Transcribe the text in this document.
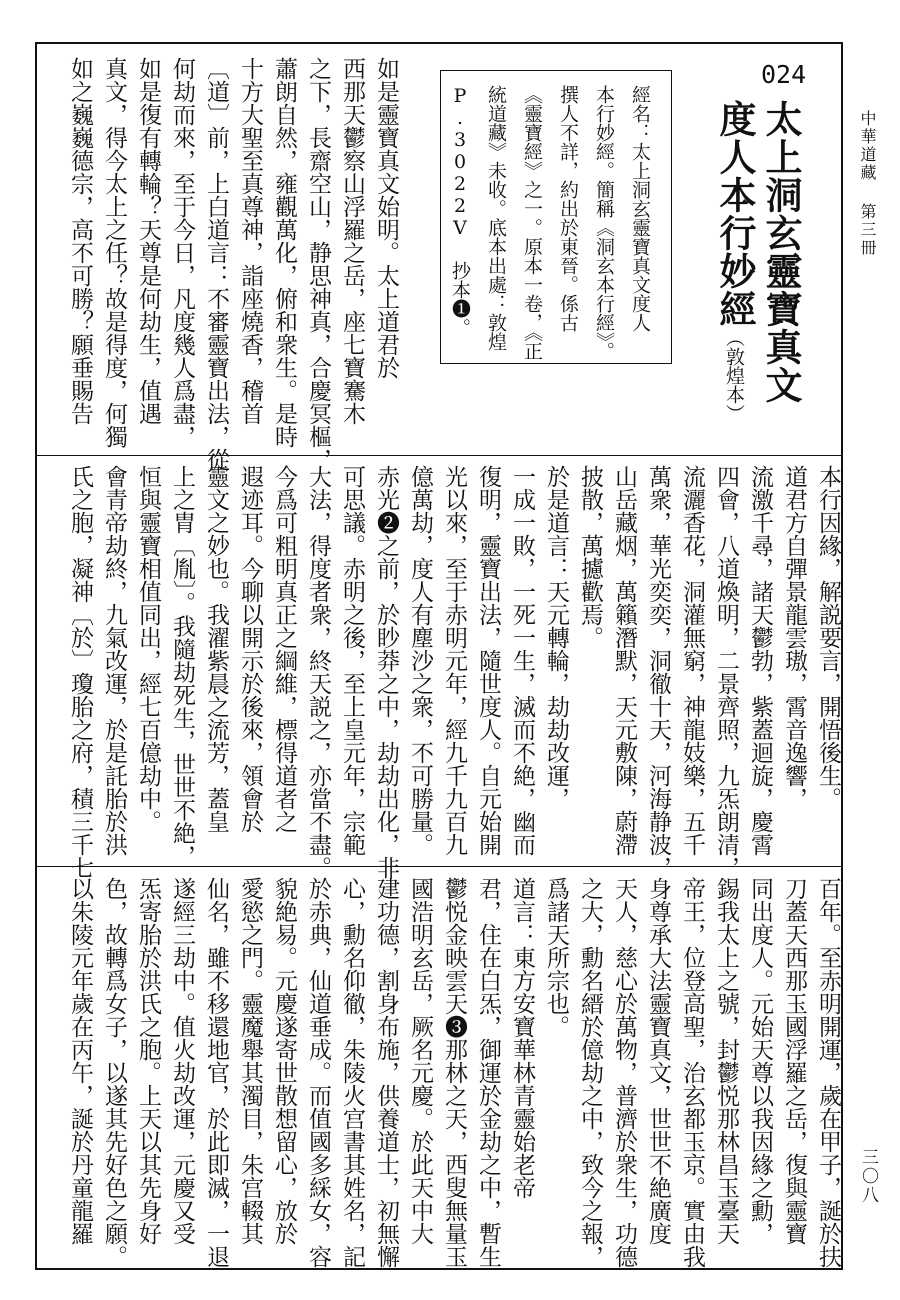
中華道藏 第三冊
三〇八
024
太上洞玄靈寶真文
度人本行妙經（敦煌本）
經名：太上洞玄靈寶真文度人
本行妙經。簡稱《洞玄本行經》。
撰人不詳，約出於東晉。係古
《靈寶經》之一。原本一卷，《正
統道藏》未收。底本出處：敦煌
P.3022V 抄本❶。
如是靈寶真文始明。太上道君於
西那天鬱察山浮羅之岳，座七寶騫木
之下，長齋空山，静思神真，合慶冥樞，
蕭朗自然，雍觀萬化，俯和衆生。是時
十方大聖至真尊神，詣座燒香，稽首
〔道〕前，上白道言：不審靈寶出法，從
何劫而來，至于今日，凡度幾人爲盡，
如是復有轉輪？天尊是何劫生，值遇
真文，得今太上之任？故是得度，何獨
如之巍巍德宗，高不可勝？願垂賜告
本行因緣，解説要言，開悟後生。
道君方自彈景龍雲璈，霄音逸響，
流激千尋，諸天鬱勃，紫蓋迴旋，慶霄
四會，八道煥明，二景齊照，九炁朗清，
流灑香花，洞灌無窮，神龍妓樂，五千
萬衆，華光奕奕，洞徹十天，河海静波，
山岳藏烟，萬籟潛默，天元敷陳，蔚滯
披散，萬攄歡焉。
於是道言：天元轉輪，劫劫改運，
一成一敗，一死一生，滅而不絶，幽而
復明，靈寶出法，隨世度人。自元始開
光以來，至于赤明元年，經九千九百九
億萬劫，度人有塵沙之衆，不可勝量。
赤光❷之前，於眇莽之中，劫劫出化，非
可思議。赤明之後，至上皇元年，宗範
大法，得度者衆，終天説之，亦當不盡。
今爲可粗明真正之綱維，標得道者之
遐迹耳。今聊以開示於後來，領會於
靈文之妙也。我濯紫晨之流芳，蓋皇
上之胄〔胤〕。我隨劫死生，世世不絶，
恒與靈寶相值同出，經七百億劫中。
會青帝劫終，九氣改運，於是託胎於洪
氏之胞，凝神〔於〕瓊胎之府，積三千七
百年。至赤明開運，歲在甲子，誕於扶
刀蓋天西那玉國浮羅之岳，復與靈寶
同出度人。元始天尊以我因緣之勳，
錫我太上之號，封鬱悦那林昌玉臺天
帝王，位登高聖，治玄都玉京。實由我
身尊承大法靈寶真文，世世不絶廣度
天人，慈心於萬物，普濟於衆生，功德
之大，勳名縉於億劫之中，致今之報，
爲諸天所宗也。
道言：東方安寶華林青靈始老帝
君，住在白炁，御運於金劫之中，暫生
鬱悦金映雲天❸那林之天，西叟無量玉
國浩明玄岳，厥名元慶。於此天中大
建功德，割身布施，供養道士，初無懈
心，勳名仰徹，朱陵火宫書其姓名，記
於赤典，仙道垂成。而值國多綵女，容
貌絶易。元慶遂寄世散想留心，放於
愛慾之門。靈魔舉其濁目，朱宫輟其
仙名，雖不移還地官，於此即滅，一退
遂經三劫中。值火劫改運，元慶又受
炁寄胎於洪氏之胞。上天以其先身好
色，故轉爲女子，以遂其先好色之願。
以朱陵元年歲在丙午，誕於丹童龍羅
